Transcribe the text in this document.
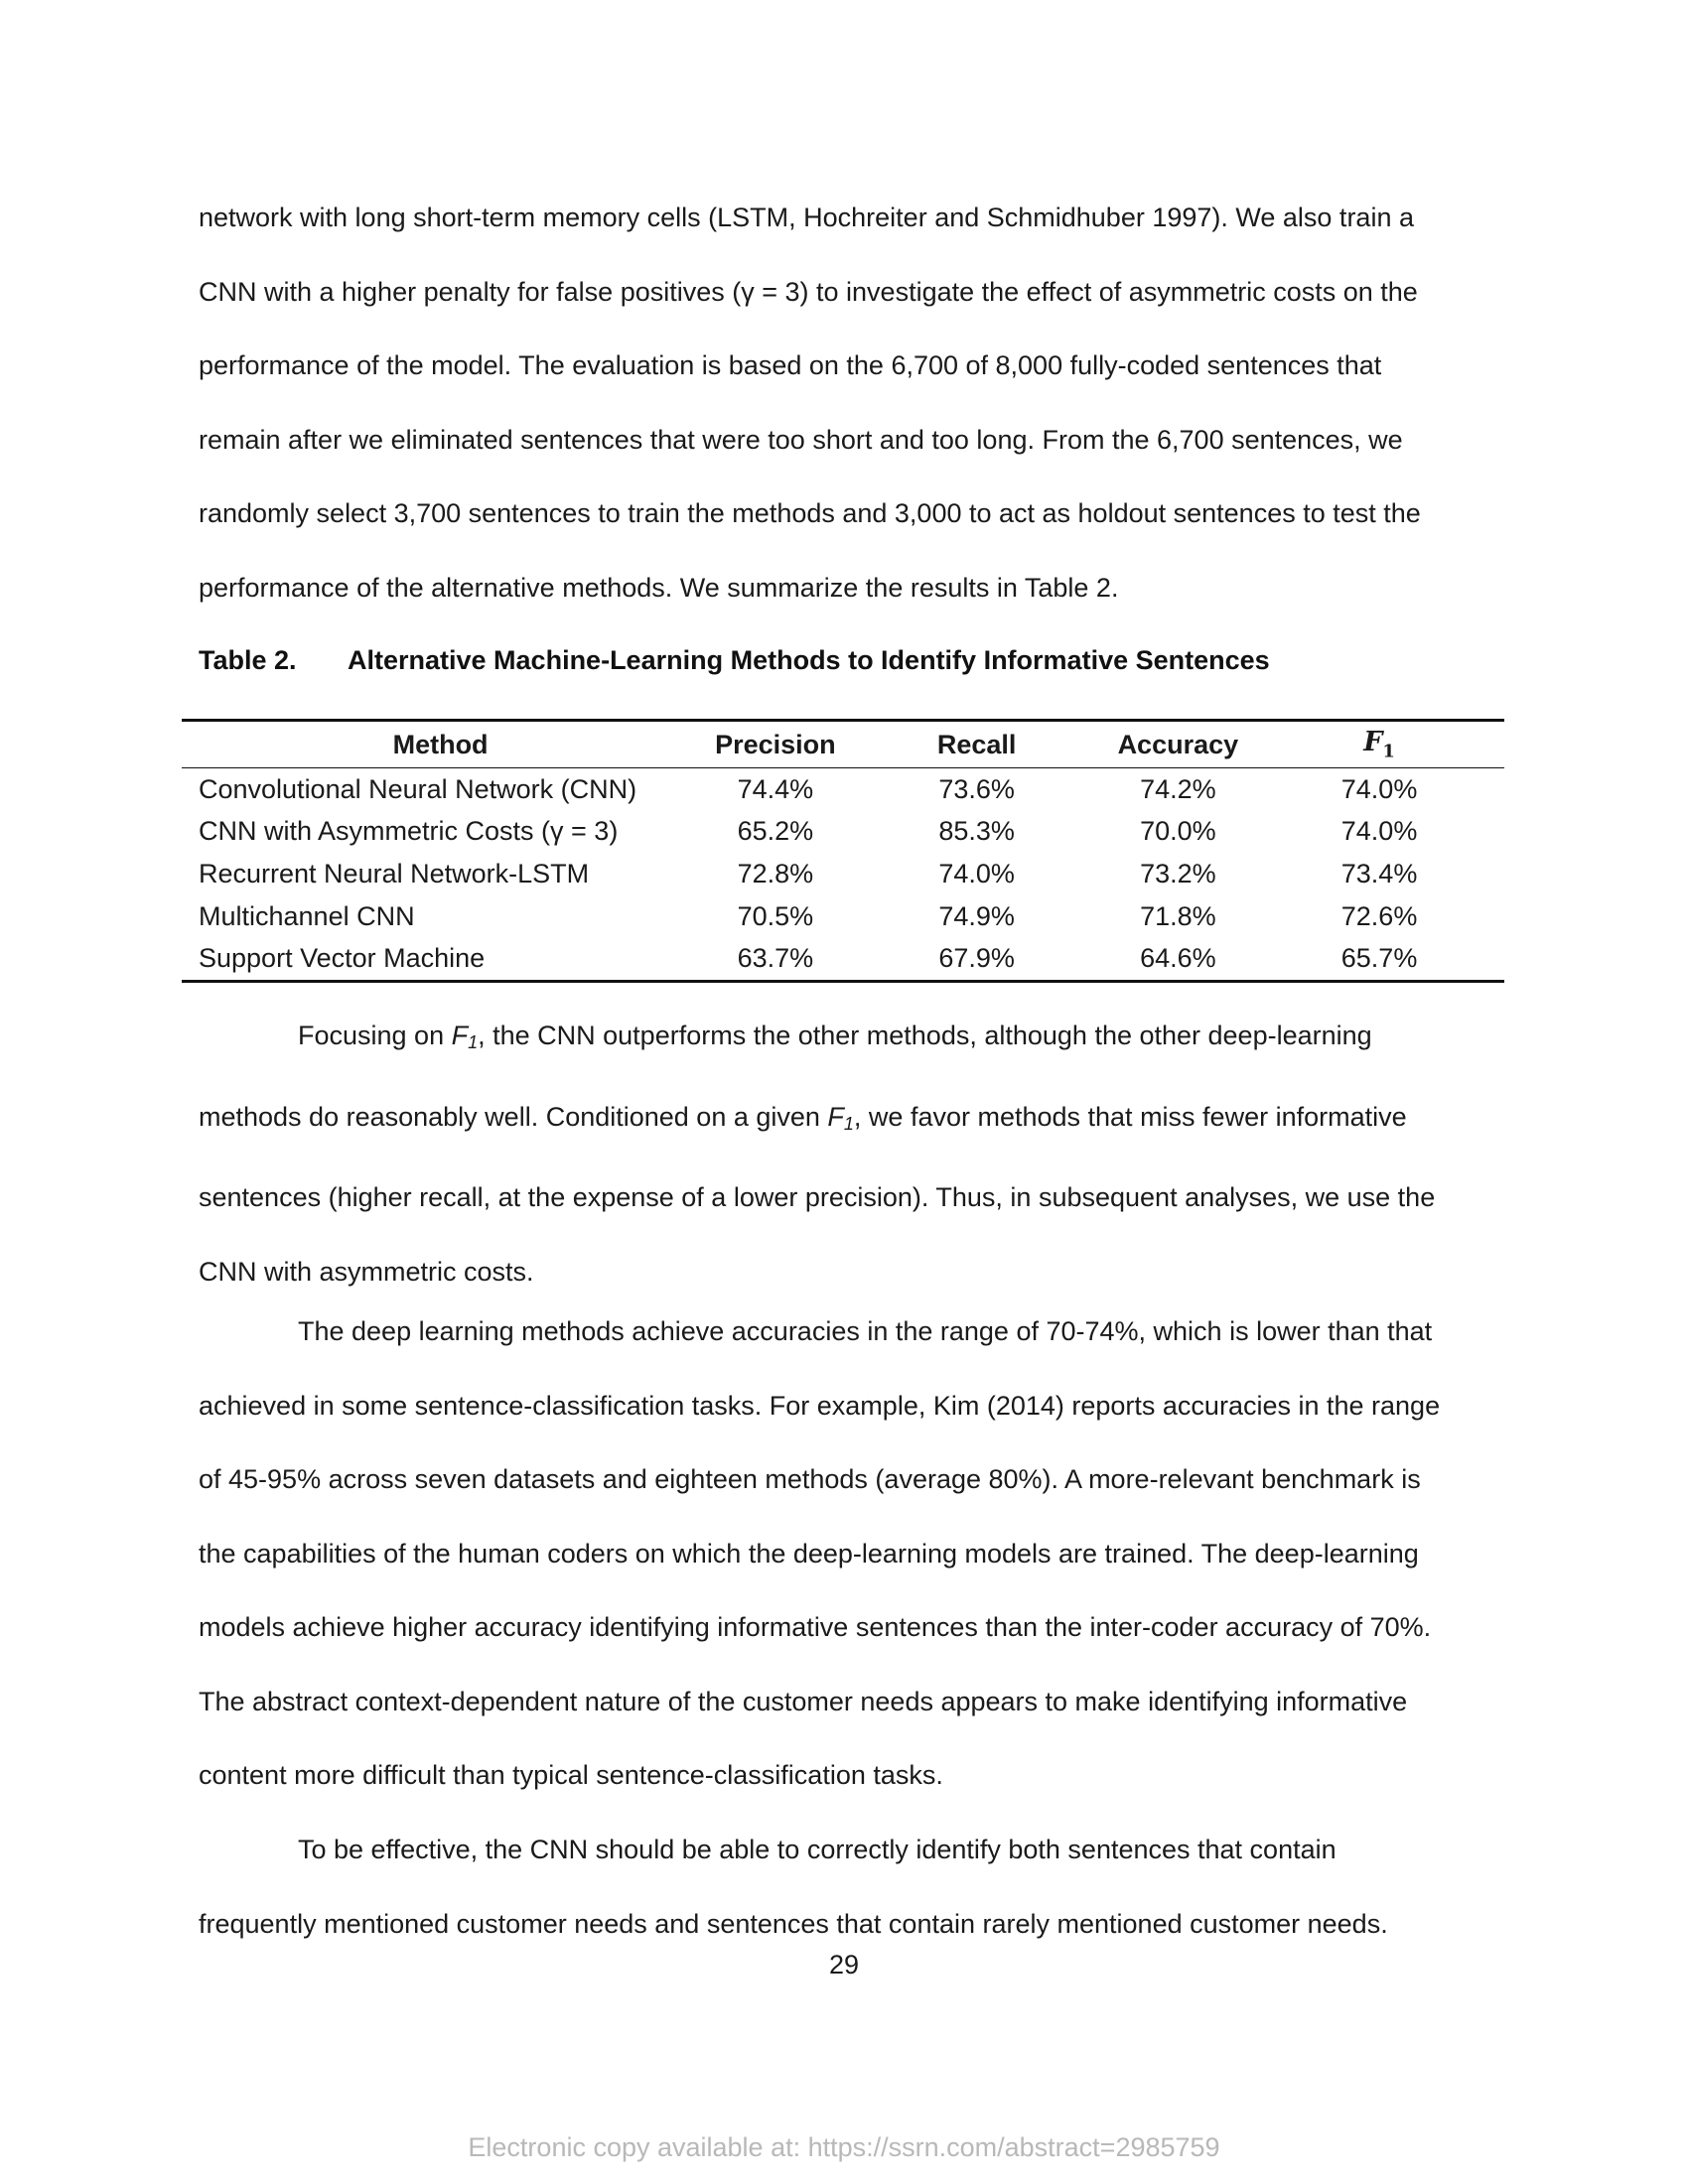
network with long short-term memory cells (LSTM, Hochreiter and Schmidhuber 1997). We also train a
CNN with a higher penalty for false positives (γ = 3) to investigate the effect of asymmetric costs on the
performance of the model. The evaluation is based on the 6,700 of 8,000 fully-coded sentences that
remain after we eliminated sentences that were too short and too long. From the 6,700 sentences, we
randomly select 3,700 sentences to train the methods and 3,000 to act as holdout sentences to test the
performance of the alternative methods. We summarize the results in Table 2.

Table 2. Alternative Machine-Learning Methods to Identify Informative Sentences
Method	Precision	Recall	Accuracy	$F_1$
Convolutional Neural Network (CNN)	74.4%	73.6%	74.2%	74.0%
CNN with Asymmetric Costs (γ = 3)	65.2%	85.3%	70.0%	74.0%
Recurrent Neural Network-LSTM	72.8%	74.0%	73.2%	73.4%
Multichannel CNN	70.5%	74.9%	71.8%	72.6%
Support Vector Machine	63.7%	67.9%	64.6%	65.7%

Focusing on $F_1$, the CNN outperforms the other methods, although the other deep-learning
methods do reasonably well. Conditioned on a given $F_1$, we favor methods that miss fewer informative
sentences (higher recall, at the expense of a lower precision). Thus, in subsequent analyses, we use the
CNN with asymmetric costs.

The deep learning methods achieve accuracies in the range of 70-74%, which is lower than that
achieved in some sentence-classification tasks. For example, Kim (2014) reports accuracies in the range
of 45-95% across seven datasets and eighteen methods (average 80%). A more-relevant benchmark is
the capabilities of the human coders on which the deep-learning models are trained. The deep-learning
models achieve higher accuracy identifying informative sentences than the inter-coder accuracy of 70%.
The abstract context-dependent nature of the customer needs appears to make identifying informative
content more difficult than typical sentence-classification tasks.

To be effective, the CNN should be able to correctly identify both sentences that contain
frequently mentioned customer needs and sentences that contain rarely mentioned customer needs.

29
Electronic copy available at: https://ssrn.com/abstract=2985759
